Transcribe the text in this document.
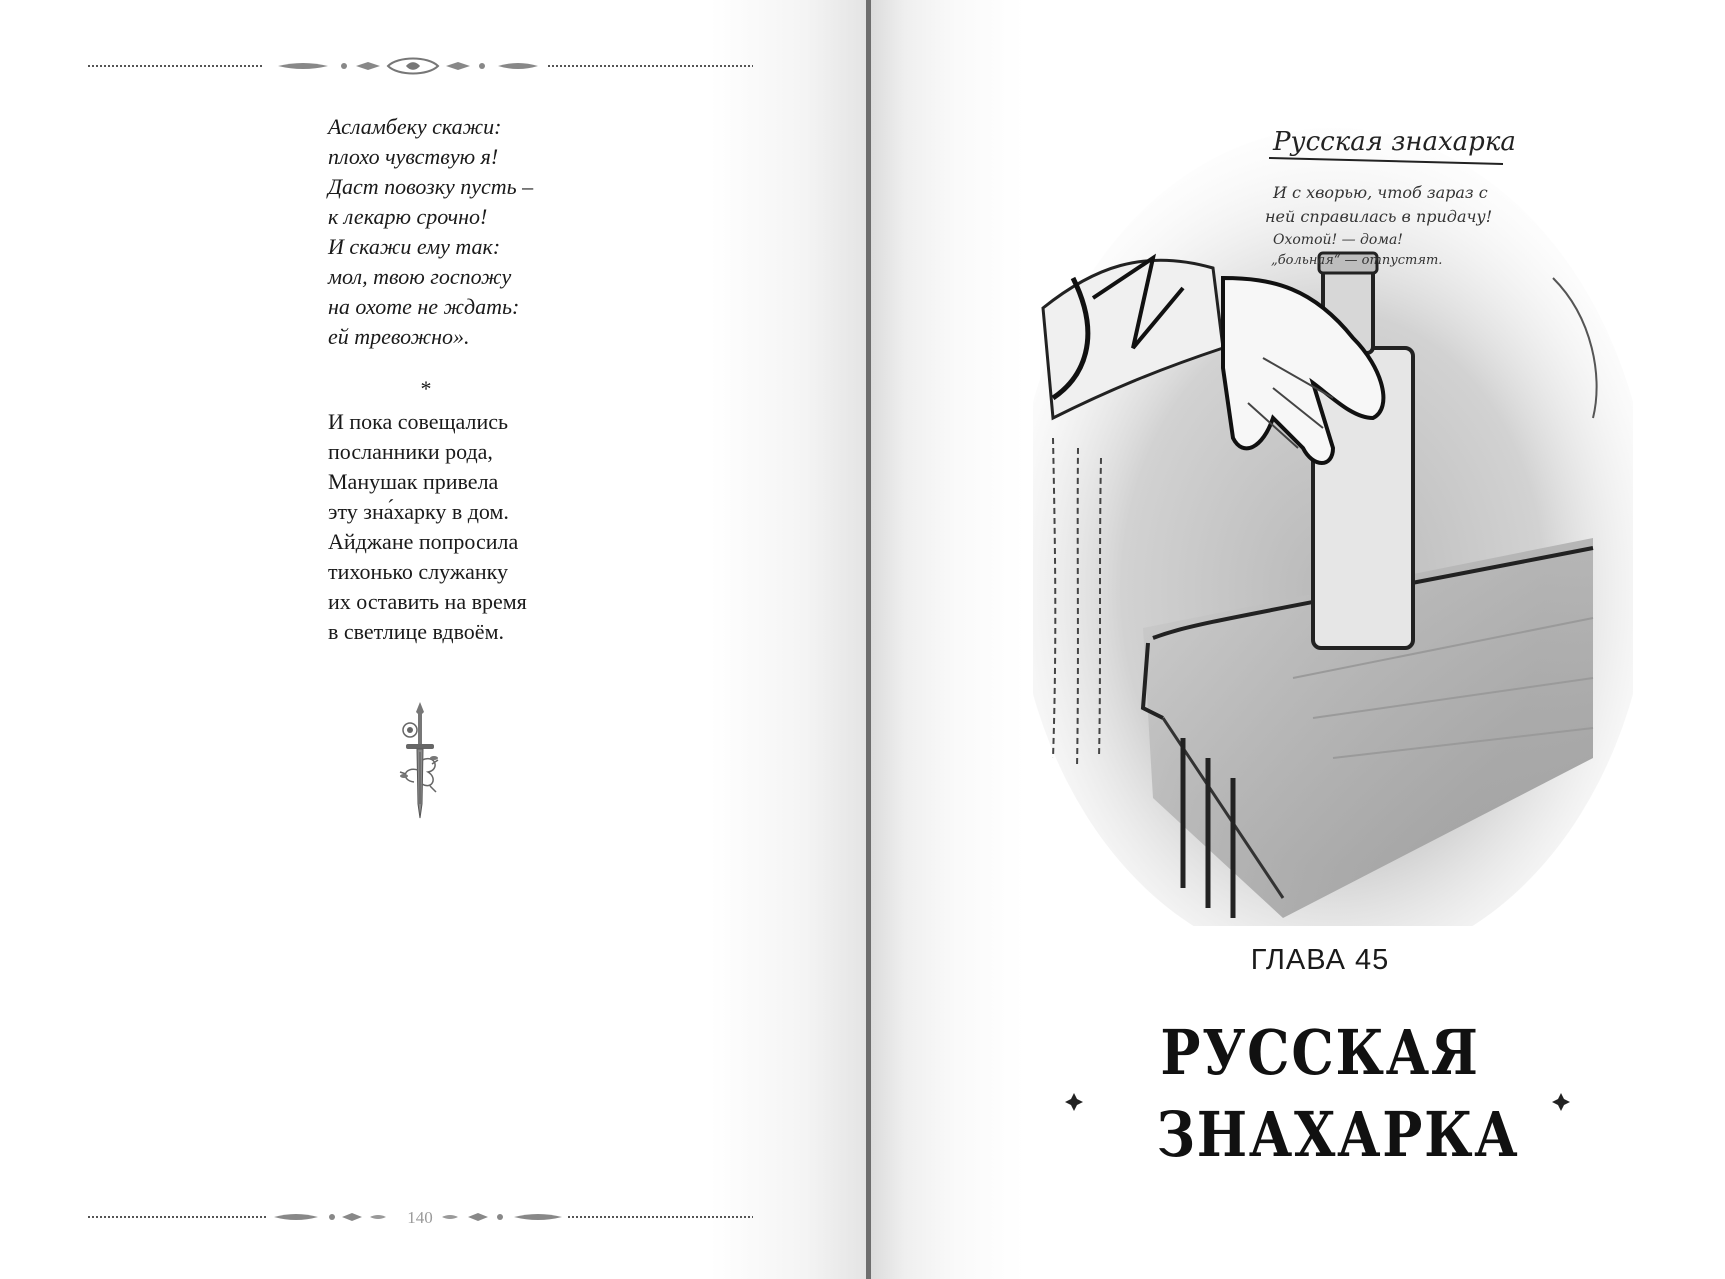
Асламбеку скажи:
плохо чувствую я!
Даст повозку пусть –
к лекарю срочно!
И скажи ему так:
мол, твою госпожу
на охоте не ждать:
ей тревожно».
*
И пока совещались
посланники рода,
Манушак привела
эту зна́харку в дом.
Айджане попросила
тихонько служанку
их оставить на время
в светлице вдвоём.
140
Русская знахарка
И с хворью, чтоб зараз с
ней справилась в придачу!
Охотой! — дома!
„больная“ — отпустят.
ГЛАВА 45
РУССКАЯ
ЗНАХАРКА
